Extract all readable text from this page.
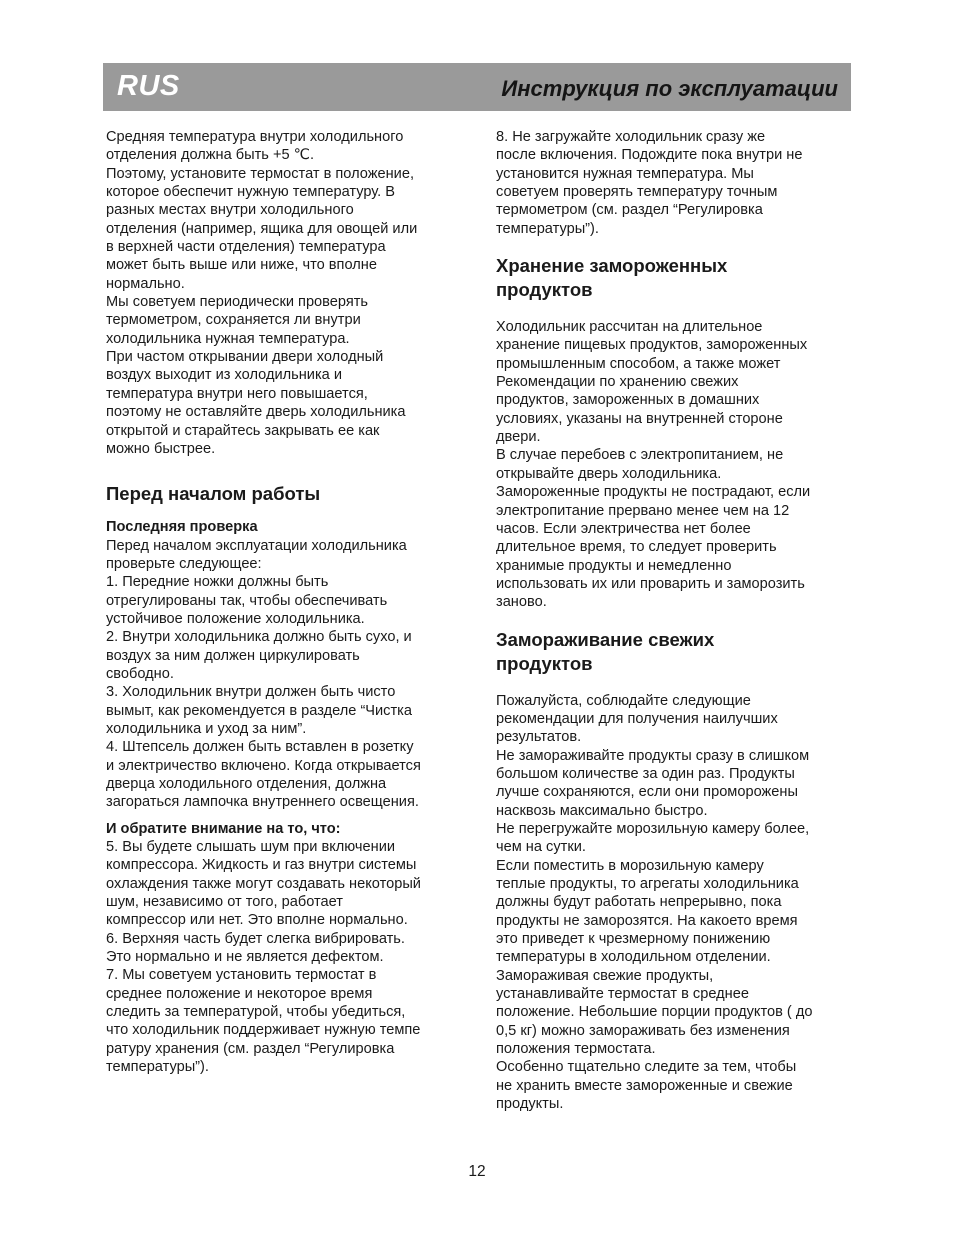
RUS	Инструкция по эксплуатации

Средняя температура внутри холодильного
отделения должна быть +5 ℃.
Поэтому, установите термостат в положение,
которое обеспечит нужную температуру. В
разных местах внутри холодильного
отделения (например, ящика для овощей или
в верхней части отделения) температура
может быть выше или ниже, что вполне
нормально.
Мы советуем периодически проверять
термометром, сохраняется ли внутри
холодильника нужная температура.
При частом открывании двери холодный
воздух выходит из холодильника и
температура внутри него повышается,
поэтому не оставляйте дверь холодильника
открытой и старайтесь закрывать ее как
можно быстрее.

Перед началом работы
Последняя проверка

Перед началом эксплуатации холодильника
проверьте следующее:
1. Передние ножки должны быть
отрегулированы так, чтобы обеспечивать
устойчивое положение холодильника.
2. Внутри холодильника должно быть сухо, и
воздух за ним должен циркулировать
свободно.
3. Холодильник внутри должен быть чисто
вымыт, как рекомендуется в разделе “Чистка
холодильника и уход за ним”.
4. Штепсель должен быть вставлен в розетку
и электричество включено. Когда открывается
дверца холодильного отделения, должна
загораться лампочка внутреннего освещения.

И обратите внимание на то, что:

5. Вы будете слышать шум при включении
компрессора. Жидкость и газ внутри системы
охлаждения также могут создавать некоторый
шум, независимо от того, работает
компрессор или нет. Это вполне нормально.
6. Верхняя часть будет слегка вибрировать.
Это нормально и не является дефектом.
7. Мы советуем установить термостат в
среднее положение и некоторое время
следить за температурой, чтобы убедиться,
что холодильник поддерживает нужную темпе
ратуру хранения (см. раздел “Регулировка
температуры”).

8. Не загружайте холодильник сразу же
после включения. Подождите пока внутри не
установится нужная температура. Мы
советуем проверять температуру точным
термометром (см. раздел “Регулировка
температуры”).

Хранение замороженных
продуктов

Холодильник рассчитан на длительное
хранение пищевых продуктов, замороженных
промышленным способом, а также может
Рекомендации по хранению свежих
продуктов, замороженных в домашних
условиях, указаны на внутренней стороне
двери.
В случае перебоев с электропитанием, не
открывайте дверь холодильника.
Замороженные продукты не пострадают, если
электропитание прервано менее чем на 12
часов. Если электричества нет более
длительное время, то следует проверить
хранимые продукты и немедленно
использовать их или проварить и заморозить
заново.

Замораживание свежих
продуктов

Пожалуйста, соблюдайте следующие
рекомендации для получения наилучших
результатов.
Не замораживайте продукты сразу в слишком
большом количестве за один раз. Продукты
лучше сохраняются, если они проморожены
насквозь максимально быстро.
Не перегружайте морозильную камеру более,
чем на сутки.
Если поместить в морозильную камеру
теплые продукты, то агрегаты холодильника
должны будут работать непрерывно, пока
продукты не заморозятся. На какоето время
это приведет к чрезмерному понижению
температуры в холодильном отделении.
Замораживая свежие продукты,
устанавливайте термостат в среднее
положение. Небольшие порции продуктов ( до
0,5 кг) можно замораживать без изменения
положения термостата.
Особенно тщательно следите за тем, чтобы
не хранить вместе замороженные и свежие
продукты.

12
